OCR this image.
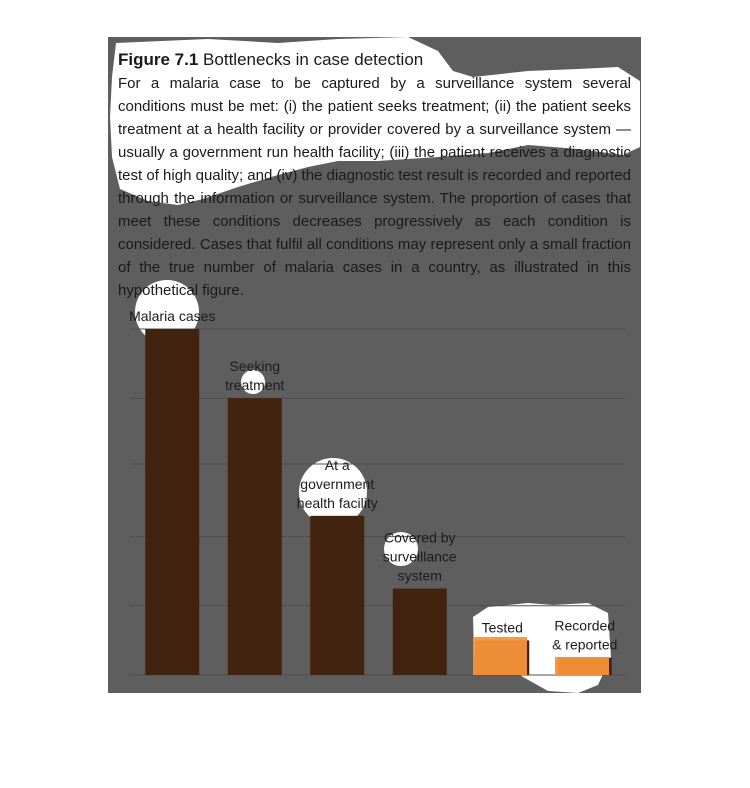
Malaria cases
Seeking
treatment
At a
government
health facility
Covered by
surveillance
system
Tested Recorded
& reported
Figure 7.1 Bottlenecks in case detection
For a malaria case to be captured by a surveillance system several conditions must be met: (i) the patient seeks treatment; (ii) the patient seeks treatment at a health facility or provider covered by a surveillance system — usually a government run health facility; (iii) the patient receives a diagnostic test of high quality; and (iv) the diagnostic test result is recorded and reported through the information or surveillance system. The proportion of cases that meet these conditions decreases progressively as each condition is considered. Cases that fulfil all conditions may represent only a small fraction of the true number of malaria cases in a country, as illustrated in this hypothetical figure.
